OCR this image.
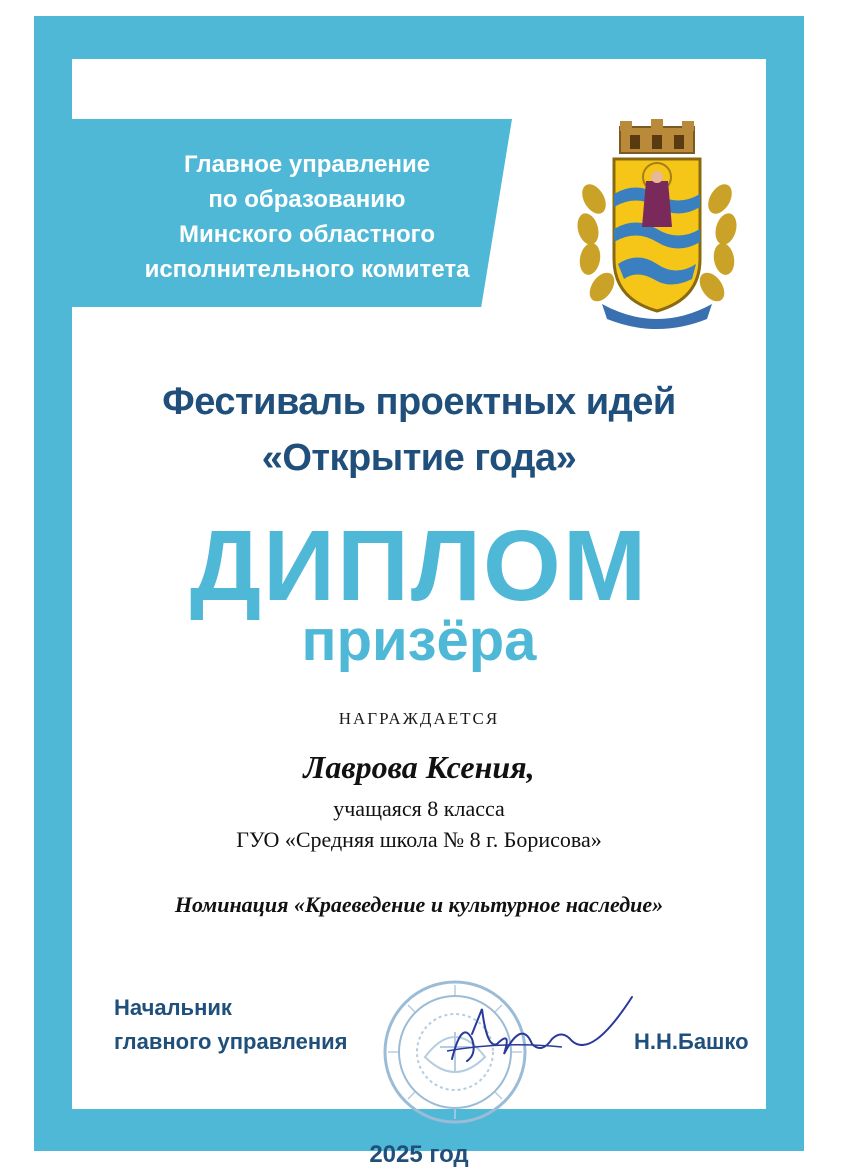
Главное управление
по образованию
Минского областного
исполнительного комитета
Фестиваль проектных идей
«Открытие года»
ДИПЛОМ
призёра
НАГРАЖДАЕТСЯ
Лаврова Ксения,
учащаяся 8 класса
ГУО «Средняя школа № 8 г. Борисова»
Номинация «Краеведение и культурное наследие»
Начальник
главного управления	Н.Н.Башко
2025 год
